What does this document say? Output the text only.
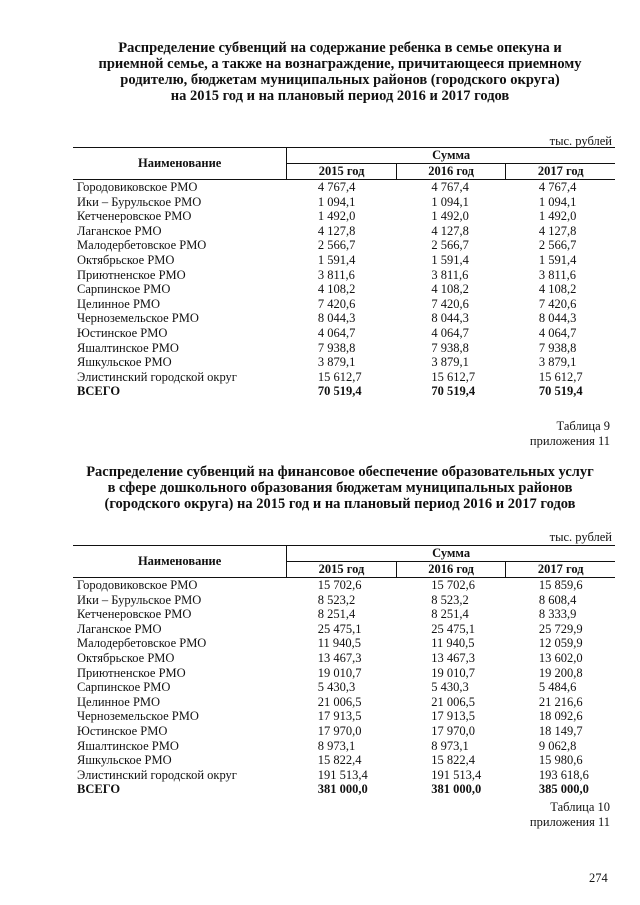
Распределение субвенций на содержание ребенка в семье опекуна и
приемной семье, а также на вознаграждение, причитающееся приемному
родителю, бюджетам муниципальных районов (городского округа)
на 2015 год и на плановый период 2016 и 2017 годов
тыс. рублей
Наименование	Сумма		
	2015 год	2016 год	2017 год
Городовиковское РМО	4 767,4	4 767,4	4 767,4
Ики – Бурульское РМО	1 094,1	1 094,1	1 094,1
Кетченеровское РМО	1 492,0	1 492,0	1 492,0
Лаганское РМО	4 127,8	4 127,8	4 127,8
Малодербетовское РМО	2 566,7	2 566,7	2 566,7
Октябрьское РМО	1 591,4	1 591,4	1 591,4
Приютненское РМО	3 811,6	3 811,6	3 811,6
Сарпинское РМО	4 108,2	4 108,2	4 108,2
Целинное РМО	7 420,6	7 420,6	7 420,6
Черноземельское РМО	8 044,3	8 044,3	8 044,3
Юстинское РМО	4 064,7	4 064,7	4 064,7
Яшалтинское РМО	7 938,8	7 938,8	7 938,8
Яшкульское РМО	3 879,1	3 879,1	3 879,1
Элистинский городской округ	15 612,7	15 612,7	15 612,7
ВСЕГО	70 519,4	70 519,4	70 519,4
Таблица 9
приложения 11
Распределение субвенций на финансовое обеспечение образовательных услуг
в сфере дошкольного образования бюджетам муниципальных районов
(городского округа) на 2015 год и на плановый период 2016 и 2017 годов
тыс. рублей
Наименование	Сумма		
	2015 год	2016 год	2017 год
Городовиковское РМО	15 702,6	15 702,6	15 859,6
Ики – Бурульское РМО	8 523,2	8 523,2	8 608,4
Кетченеровское РМО	8 251,4	8 251,4	8 333,9
Лаганское РМО	25 475,1	25 475,1	25 729,9
Малодербетовское РМО	11 940,5	11 940,5	12 059,9
Октябрьское РМО	13 467,3	13 467,3	13 602,0
Приютненское РМО	19 010,7	19 010,7	19 200,8
Сарпинское РМО	5 430,3	5 430,3	5 484,6
Целинное РМО	21 006,5	21 006,5	21 216,6
Черноземельское РМО	17 913,5	17 913,5	18 092,6
Юстинское РМО	17 970,0	17 970,0	18 149,7
Яшалтинское РМО	8 973,1	8 973,1	9 062,8
Яшкульское РМО	15 822,4	15 822,4	15 980,6
Элистинский городской округ	191 513,4	191 513,4	193 618,6
ВСЕГО	381 000,0	381 000,0	385 000,0
Таблица 10
приложения 11
274
